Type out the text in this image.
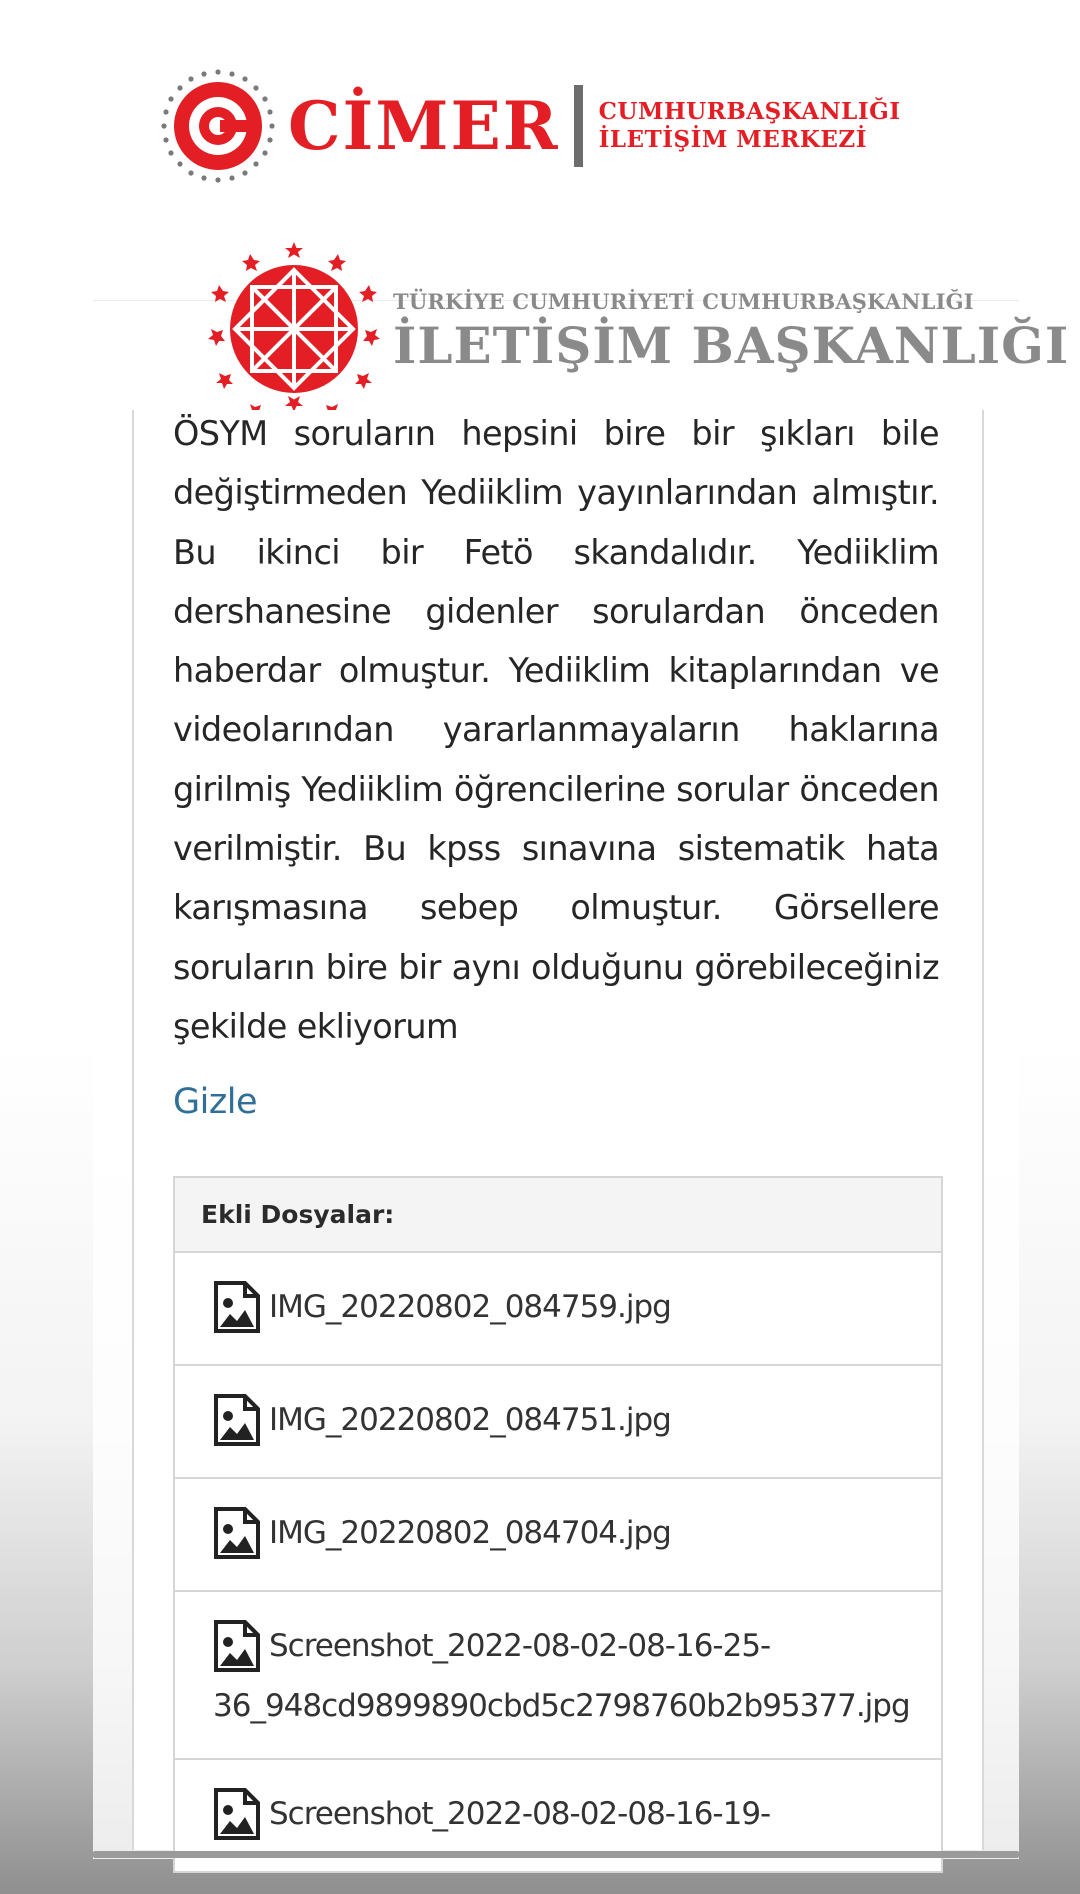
CİMER CUMHURBAŞKANLIĞI
İLETİŞİM MERKEZİ
TÜRKİYE CUMHURİYETİ CUMHURBAŞKANLIĞI
İLETİŞİM BAŞKANLIĞI

ÖSYM soruların hepsini bire bir şıkları bile değiştirmeden Yediiklim yayınlarından almıştır. Bu ikinci bir Fetö skandalıdır. Yediiklim dershanesine gidenler sorulardan önceden haberdar olmuştur. Yediiklim kitaplarından ve videolarından yararlanmayaların haklarına girilmiş Yediiklim öğrencilerine sorular önceden verilmiştir. Bu kpss sınavına sistematik hata karışmasına sebep olmuştur. Görsellere soruların bire bir aynı olduğunu görebileceğiniz şekilde ekliyorum

Gizle
Ekli Dosyalar:
IMG_20220802_084759.jpg
IMG_20220802_084751.jpg
IMG_20220802_084704.jpg
Screenshot_2022-08-02-08-16-25-
36_948cd9899890cbd5c2798760b2b95377.jpg
Screenshot_2022-08-02-08-16-19-
